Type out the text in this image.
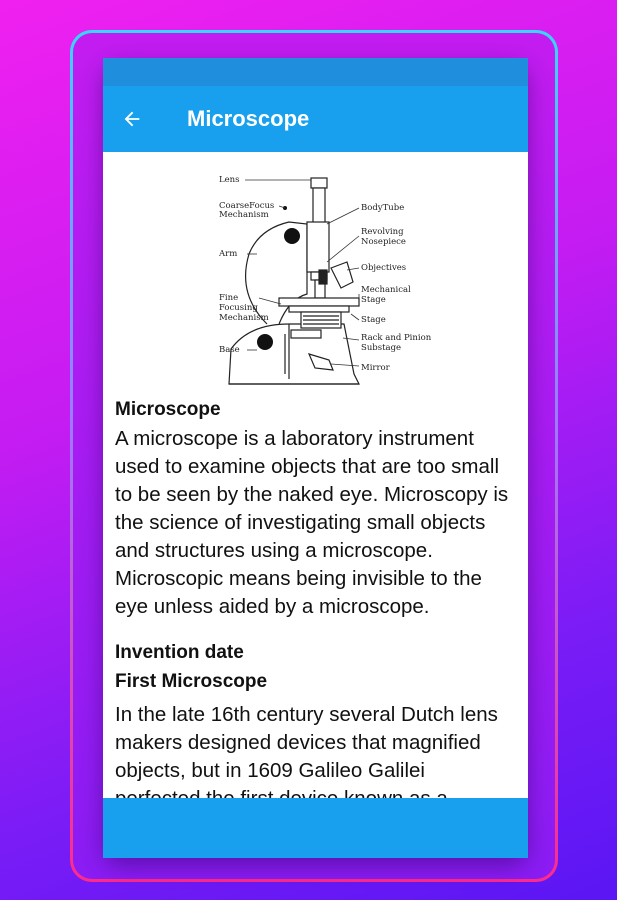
Microscope
Lens
CoarseFocus
Mechanism
Arm
Fine
Focusing
Mechanism
Base
BodyTube
Revolving
Nosepiece
Objectives
Mechanical
Stage
Stage
Rack and Pinion
Substage
Mirror
Microscope

A microscope is a laboratory instrument used to examine objects that are too small to be seen by the naked eye. Microscopy is the science of investigating small objects and structures using a microscope. Microscopic means being invisible to the eye unless aided by a microscope.

Invention date
First Microscope

In the late 16th century several Dutch lens makers designed devices that magnified objects, but in 1609 Galileo Galilei
